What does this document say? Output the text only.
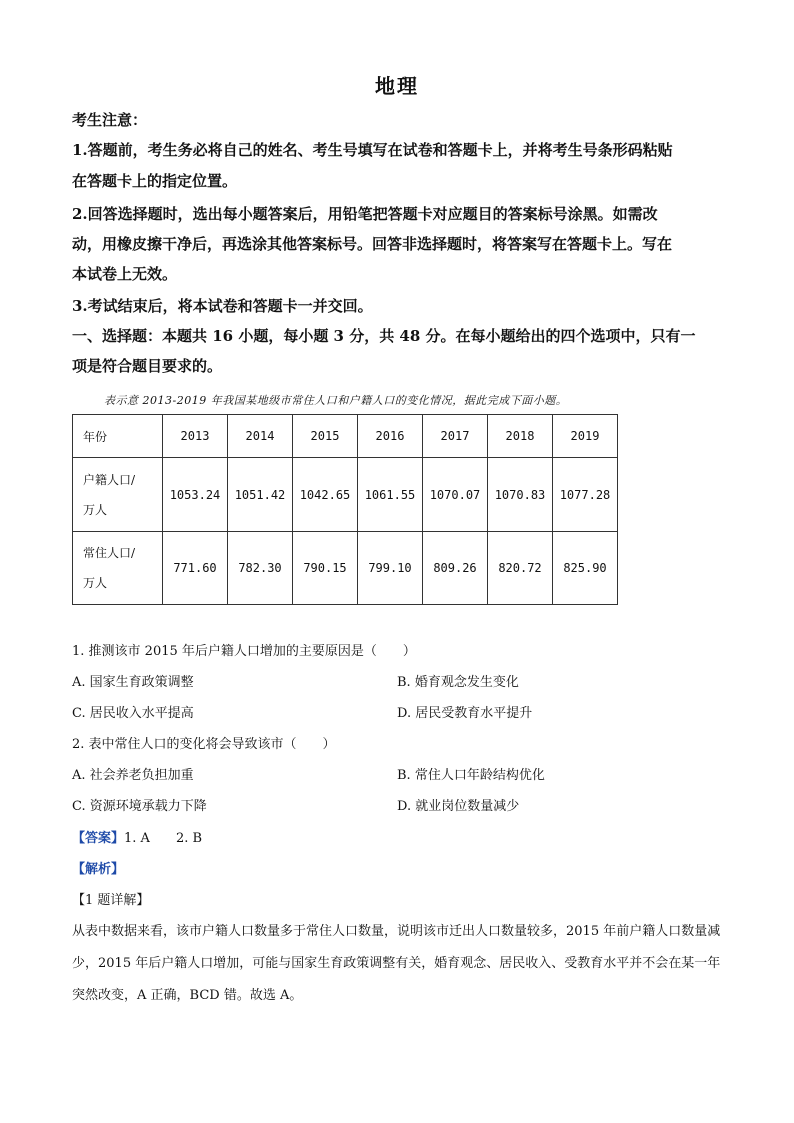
地理
考生注意：
1.答题前，考生务必将自己的姓名、考生号填写在试卷和答题卡上，并将考生号条形码粘贴
在答题卡上的指定位置。
2.回答选择题时，选出每小题答案后，用铅笔把答题卡对应题目的答案标号涂黑。如需改
动，用橡皮擦干净后，再选涂其他答案标号。回答非选择题时，将答案写在答题卡上。写在
本试卷上无效。
3.考试结束后，将本试卷和答题卡一并交回。
一、选择题：本题共 16 小题，每小题 3 分，共 48 分。在每小题给出的四个选项中，只有一
项是符合题目要求的。
表示意 2013-2019 年我国某地级市常住人口和户籍人口的变化情况，据此完成下面小题。
年份	2013	2014	2015	2016	2017	2018	2019
户籍人口/
万人	1053.24	1051.42	1042.65	1061.55	1070.07	1070.83	1077.28
常住人口/
万人	771.60	782.30	790.15	799.10	809.26	820.72	825.90
1. 推测该市 2015 年后户籍人口增加的主要原因是（　　）
A. 国家生育政策调整	B. 婚育观念发生变化
C. 居民收入水平提高	D. 居民受教育水平提升
2. 表中常住人口的变化将会导致该市（　　）
A. 社会养老负担加重	B. 常住人口年龄结构优化
C. 资源环境承载力下降	D. 就业岗位数量减少
【答案】1. A　　2. B
【解析】
【1 题详解】
从表中数据来看，该市户籍人口数量多于常住人口数量，说明该市迁出人口数量较多，2015 年前户籍人口数量减少，2015 年后户籍人口增加，可能与国家生育政策调整有关，婚育观念、居民收入、受教育水平并不会在某一年突然改变，A 正确，BCD 错。故选 A。
